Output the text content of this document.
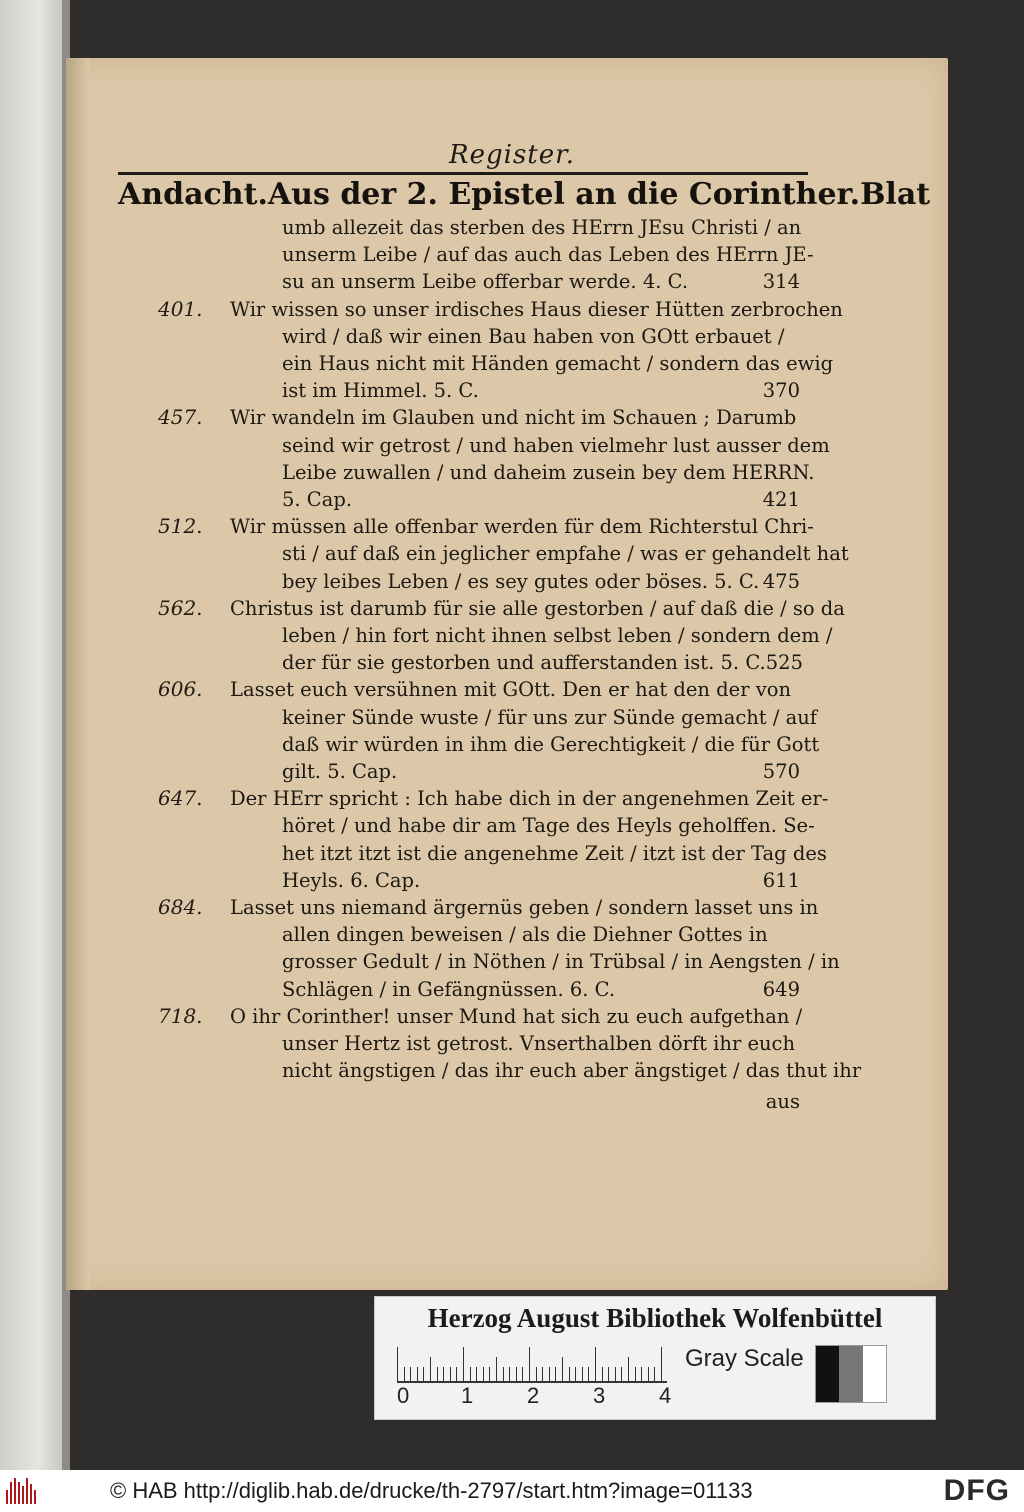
Register.
Andacht. Aus der 2. Epistel an die Corinther. Blat
umb allezeit das sterben des HErrn JEsu Christi / an
unserm Leibe / auf das auch das Leben des HErrn JE-
su an unserm Leibe offerbar werde. 4. C.	314
401.	Wir wissen so unser irdisches Haus dieser Hütten zerbrochen
wird / daß wir einen Bau haben von GOtt erbauet /
ein Haus nicht mit Händen gemacht / sondern das ewig
ist im Himmel. 5. C.	370
457.	Wir wandeln im Glauben und nicht im Schauen ; Darumb
seind wir getrost / und haben vielmehr lust ausser dem
Leibe zuwallen / und daheim zusein bey dem HERRN.
5. Cap.	421
512.	Wir müssen alle offenbar werden für dem Richterstul Chri-
sti / auf daß ein jeglicher empfahe / was er gehandelt hat
bey leibes Leben / es sey gutes oder böses. 5. C. 475
562.	Christus ist darumb für sie alle gestorben / auf daß die / so da
leben / hin fort nicht ihnen selbst leben / sondern dem /
der für sie gestorben und aufferstanden ist. 5. C. 525
606.	Lasset euch versühnen mit GOtt. Den er hat den der von
keiner Sünde wuste / für uns zur Sünde gemacht / auf
daß wir würden in ihm die Gerechtigkeit / die für Gott
gilt. 5. Cap.	570
647.	Der HErr spricht : Ich habe dich in der angenehmen Zeit er-
höret / und habe dir am Tage des Heyls geholffen. Se-
het itzt itzt ist die angenehme Zeit / itzt ist der Tag des
Heyls. 6. Cap.	611
684.	Lasset uns niemand ärgernüs geben / sondern lasset uns in
allen dingen beweisen / als die Diehner Gottes in
grosser Gedult / in Nöthen / in Trübsal / in Aengsten / in
Schlägen / in Gefängnüssen. 6. C.	649
718.	O ihr Corinther! unser Mund hat sich zu euch aufgethan /
unser Hertz ist getrost. Vnserthalben dörft ihr euch
nicht ängstigen / das ihr euch aber ängstiget / das thut ihr
aus
Herzog August Bibliothek Wolfenbüttel
0 1 2 3 4
Gray Scale
© HAB http://diglib.hab.de/drucke/th-2797/start.htm?image=01133	DFG
